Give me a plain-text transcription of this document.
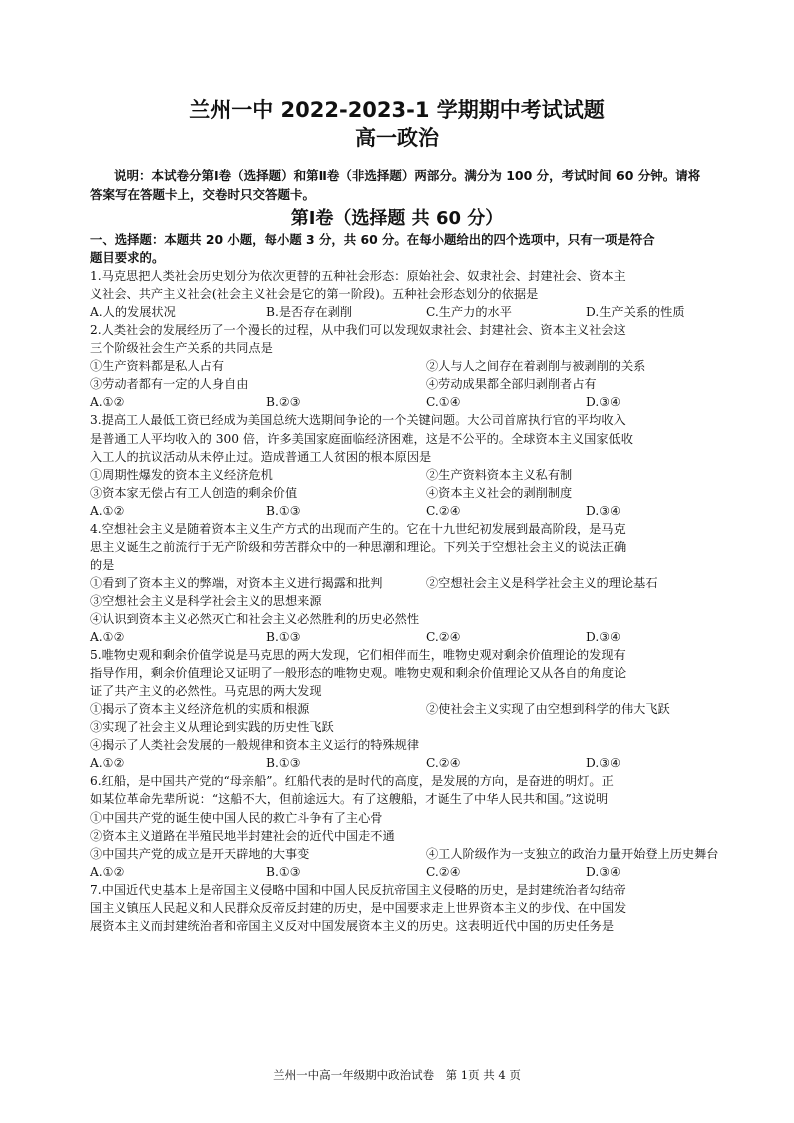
兰州一中 2022-2023-1 学期期中考试试题
高一政治
说明：本试卷分第Ⅰ卷（选择题）和第Ⅱ卷（非选择题）两部分。满分为 100 分，考试时间 60 分钟。请将答案写在答题卡上，交卷时只交答题卡。
第Ⅰ卷（选择题 共 60 分）
一、选择题：本题共 20 小题，每小题 3 分，共 60 分。在每小题给出的四个选项中，只有一项是符合
题目要求的。
1.马克思把人类社会历史划分为依次更替的五种社会形态：原始社会、奴隶社会、封建社会、资本主
义社会、共产主义社会(社会主义社会是它的第一阶段)。五种社会形态划分的依据是
A.人的发展状况	B.是否存在剥削	C.生产力的水平	D.生产关系的性质
2.人类社会的发展经历了一个漫长的过程，从中我们可以发现奴隶社会、封建社会、资本主义社会这
三个阶级社会生产关系的共同点是
①生产资料都是私人占有	②人与人之间存在着剥削与被剥削的关系
③劳动者都有一定的人身自由	④劳动成果都全部归剥削者占有
A.①②	B.②③	C.①④	D.③④
3.提高工人最低工资已经成为美国总统大选期间争论的一个关键问题。大公司首席执行官的平均收入
是普通工人平均收入的 300 倍，许多美国家庭面临经济困难，这是不公平的。全球资本主义国家低收
入工人的抗议活动从未停止过。造成普通工人贫困的根本原因是
①周期性爆发的资本主义经济危机	②生产资料资本主义私有制
③资本家无偿占有工人创造的剩余价值	④资本主义社会的剥削制度
A.①②	B.①③	C.②④	D.③④
4.空想社会主义是随着资本主义生产方式的出现而产生的。它在十九世纪初发展到最高阶段，是马克
思主义诞生之前流行于无产阶级和劳苦群众中的一种思潮和理论。下列关于空想社会主义的说法正确
的是
①看到了资本主义的弊端，对资本主义进行揭露和批判	②空想社会主义是科学社会主义的理论基石
③空想社会主义是科学社会主义的思想来源
④认识到资本主义必然灭亡和社会主义必然胜利的历史必然性
A.①②	B.①③	C.②④	D.③④
5.唯物史观和剩余价值学说是马克思的两大发现，它们相伴而生，唯物史观对剩余价值理论的发现有
指导作用，剩余价值理论又证明了一般形态的唯物史观。唯物史观和剩余价值理论又从各自的角度论
证了共产主义的必然性。马克思的两大发现
①揭示了资本主义经济危机的实质和根源	②使社会主义实现了由空想到科学的伟大飞跃
③实现了社会主义从理论到实践的历史性飞跃
④揭示了人类社会发展的一般规律和资本主义运行的特殊规律
A.①②	B.①③	C.②④	D.③④
6.红船，是中国共产党的“母亲船”。红船代表的是时代的高度，是发展的方向，是奋进的明灯。正
如某位革命先辈所说：“这船不大，但前途远大。有了这艘船，才诞生了中华人民共和国。”这说明
①中国共产党的诞生使中国人民的救亡斗争有了主心骨
②资本主义道路在半殖民地半封建社会的近代中国走不通
③中国共产党的成立是开天辟地的大事变	④工人阶级作为一支独立的政治力量开始登上历史舞台
A.①②	B.①③	C.②④	D.③④
7.中国近代史基本上是帝国主义侵略中国和中国人民反抗帝国主义侵略的历史，是封建统治者勾结帝
国主义镇压人民起义和人民群众反帝反封建的历史，是中国要求走上世界资本主义的步伐、在中国发
展资本主义而封建统治者和帝国主义反对中国发展资本主义的历史。这表明近代中国的历史任务是
兰州一中高一年级期中政治试卷　第 1页 共 4 页
